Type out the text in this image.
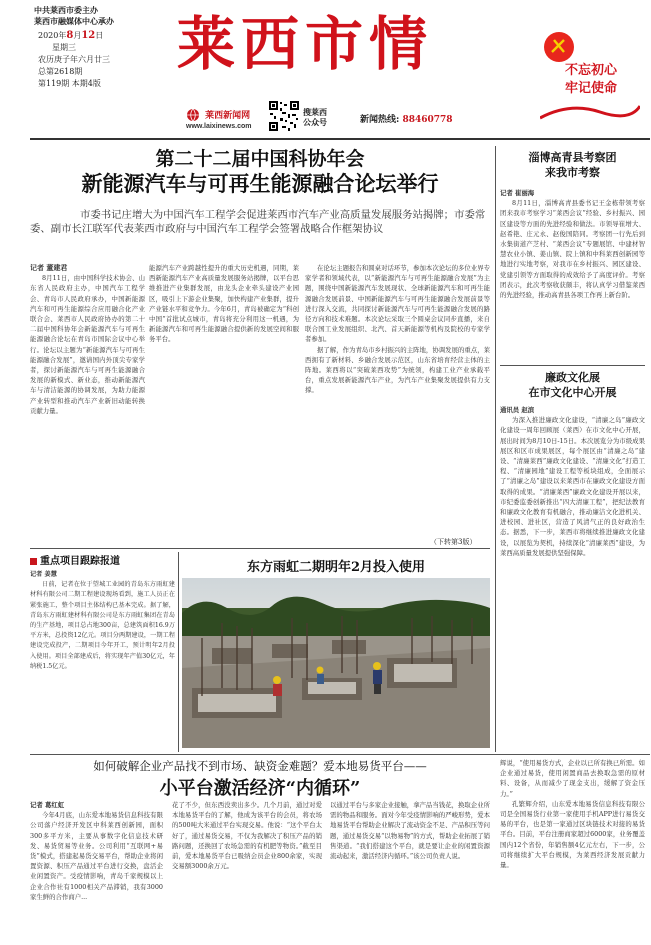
中共莱西市委主办
莱西市融媒体中心承办
2020年8月12日
星期三
农历庚子年六月廿三
总第2618期
第119期 本期4版
莱西市情
莱西新闻网
www.laixinews.com
搜莱西
公众号	新闻热线: 88460778
不忘初心
牢记使命
第二十二届中国科协年会
新能源汽车与可再生能源融合论坛举行
市委书记庄增大为中国汽车工程学会促进莱西市汽车产业高质量发展服务站揭牌；市委常委、副市长江联军代表莱西市政府与中国汽车工程学会签署战略合作框架协议
记者 董建君
8月11日，由中国科学技术协会、山东省人民政府主办，中国汽车工程学会、青岛市人民政府承办，中国新能源汽车和可再生能源综合应用融合化产业联合会、莱西市人民政府协办的第二十二届中国科协年会新能源汽车与可再生能源融合论坛在青岛市国际会议中心举行。论坛以主题为“新能源汽车与可再生能源融合发展”，邀请国内外顶尖专家学者，探讨新能源汽车与可再生能源融合发展的新模式、新业态，推动新能源汽车与清洁能源的协调发展，为助力能源产业转型和推动汽车产业新旧动能转换贡献力量。
能源汽车产业跨越性提升的重大历史机遇，同期，莱西新能源汽车产业高质量发展服务站揭牌，以平台思维推进产业集群发展，由龙头企业牵头建设产业园区，吸引上下游企业集聚，加快构建产业集群，提升产业链水平和竞争力。今年6月，青岛被确定为“科创中国”首批试点城市，青岛将充分利用这一机遇，为新能源汽车和可再生能源融合提供新的发展空间和服务平台。
在论坛主题报告和圆桌对话环节，参加本次论坛的多位业界专家学者和领域代表，以“新能源汽车与可再生能源融合发展”为主题，围绕中国新能源汽车发展现状、全球新能源汽车和可再生能源融合发展前景、中国新能源汽车与可再生能源融合发展前景等进行深入交流，共同探讨新能源汽车与可再生能源融合发展的路径方向和技术难题。本次论坛采取三个圆桌会议同步直播，来自联合国工业发展组织、北汽、首天新能源等机构及院校的专家学者参加。
据了解，作为青岛市乡村振兴的主阵地，协调发展的重点，莱西拥有了新材料、乡融合发展示范区，山东省培育经营主体的主阵地。莱西将以“突破莱西攻势”为统领，构建工业产业承载平台，重点发展新能源汽车产业，为汽车产业集聚发展提供有力支撑。
（下转第3版）
重点项目跟踪报道
记者 姜慧
日前，记者在位于望城工业园的青岛东方雨虹建材科有限公司二期工程建设现场看到，施工人员正在紧张施工，整个项目主体结构已基本完成。据了解，青岛东方雨虹建材科有限公司是东方雨虹集团在青岛的生产基地，项目总占地300亩，总建筑面积16.9万平方米，总投资12亿元。项目分两期建设，一期工程建设完成投产，二期项目今年开工，预计明年2月投入使用。项目全部建成后，将实现年产值30亿元，年纳税1.5亿元。
东方雨虹二期明年2月投入使用
如何破解企业产品找不到市场、缺资金难题？爱本地易货平台——
小平台激活经济“内循环”
记者 葛红虹
今年4月底，山东爱本地易货信息科技有限公司落户经济开发区中科莱西创新园，面积300多平方米，主要从事数字化信息技术研发、易货贸易等业务。公司利用“互联网+易货”模式，搭建起易货交易平台，帮助企业将闲置资源、积压产品通过平台进行交换，盘活企业闲置资产。受疫情影响，青岛千家规模以上企业合作社有1000相关产品滞销，我有3000家生鲜的合作商户...
花了不少，但东西没卖出多少。几个月前，通过对爱本地易货平台的了解，他成为该平台的会员，将农场的500吨大米通过平台实现交易。他说：“这个平台太好了，通过易货交易，不仅为我解决了积压产品的销路问题，还换回了农场急需的有机肥等物资。”截至目前，爱本地易货平台已吸纳会员企业800余家，实现交易额3000余万元。
以通过平台与多家企业接触，拿产品当钱花，换取企业所需的物品和服务。面对今年受疫情影响的严峻形势，爱本地易货平台帮助企业解决了流动资金不足、产品积压等问题，通过易货交易“以物易物”的方式，帮助企业拓展了销售渠道。“我们搭建这个平台，就是要让企业的闲置资源流动起来，激活经济内循环。”该公司负责人说。
辉说，“使用易货方式，企业以已所有换已所需。如企业通过易货，使用闲置商品去换取急需的原材料、设备，从而减少了现金支出，缓解了资金压力。”
孔繁辉介绍，山东爱本地易货信息科技有限公司是全国易货行业第一家使用手机APP进行易货交易的平台，也是第一家通过区块链技术对接的易货平台。目前，平台注册商家超过6000家，业务覆盖国内12个省份，年销售额4亿元左右，下一步，公司将继续扩大平台规模，为莱西经济发展贡献力量。
淄博高青县考察团
来我市考察
记者 崔丽海
8月11日，淄博高青县委书记王金栋带领考察团来我市考察学习“莱西会议”经验、乡村振兴、园区建设等方面的先进经验和做法。市领导崔增大、赵希艳、庄元永、赵俊国陪同。考察团一行先后到水集街道产芝村、“莱西会议”专题展馆、中建材智慧农业小镇、姜山镇、院上镇和中科莱西创新园等地进行实地考察，对我市在乡村振兴、园区建设、党建引领等方面取得的成效给予了高度评价。考察团表示，此次考察收获颇丰，将认真学习借鉴莱西的先进经验，推动高青县各项工作再上新台阶。
廉政文化展
在市文化中心开展
通讯员 赵滨
为深入推进廉政文化建设，“清廉之岛”廉政文化建设一周年回顾展（莱西）在市文化中心开展，展出时间为8月10日-15日。本次展览分为市级成果展区和区市成果展区，每个展区由“清廉之岛”建设、“清廉莱西”廉政文化建设、“清廉文化”打造工程、“清廉园地”建设工程等板块组成，全面展示了“清廉之岛”建设以来莱西市在廉政文化建设方面取得的成果。“清廉莱西”廉政文化建设开展以来，市纪委监委创新推出“四大清廉工程”，把纪法教育和廉政文化教育有机融合，推动廉洁文化进机关、进校园、进社区，营造了风清气正的良好政治生态。据悉，下一步，莱西市将继续推进廉政文化建设，以展览为契机，持续深化“清廉莱西”建设，为莱西高质量发展提供坚强保障。
